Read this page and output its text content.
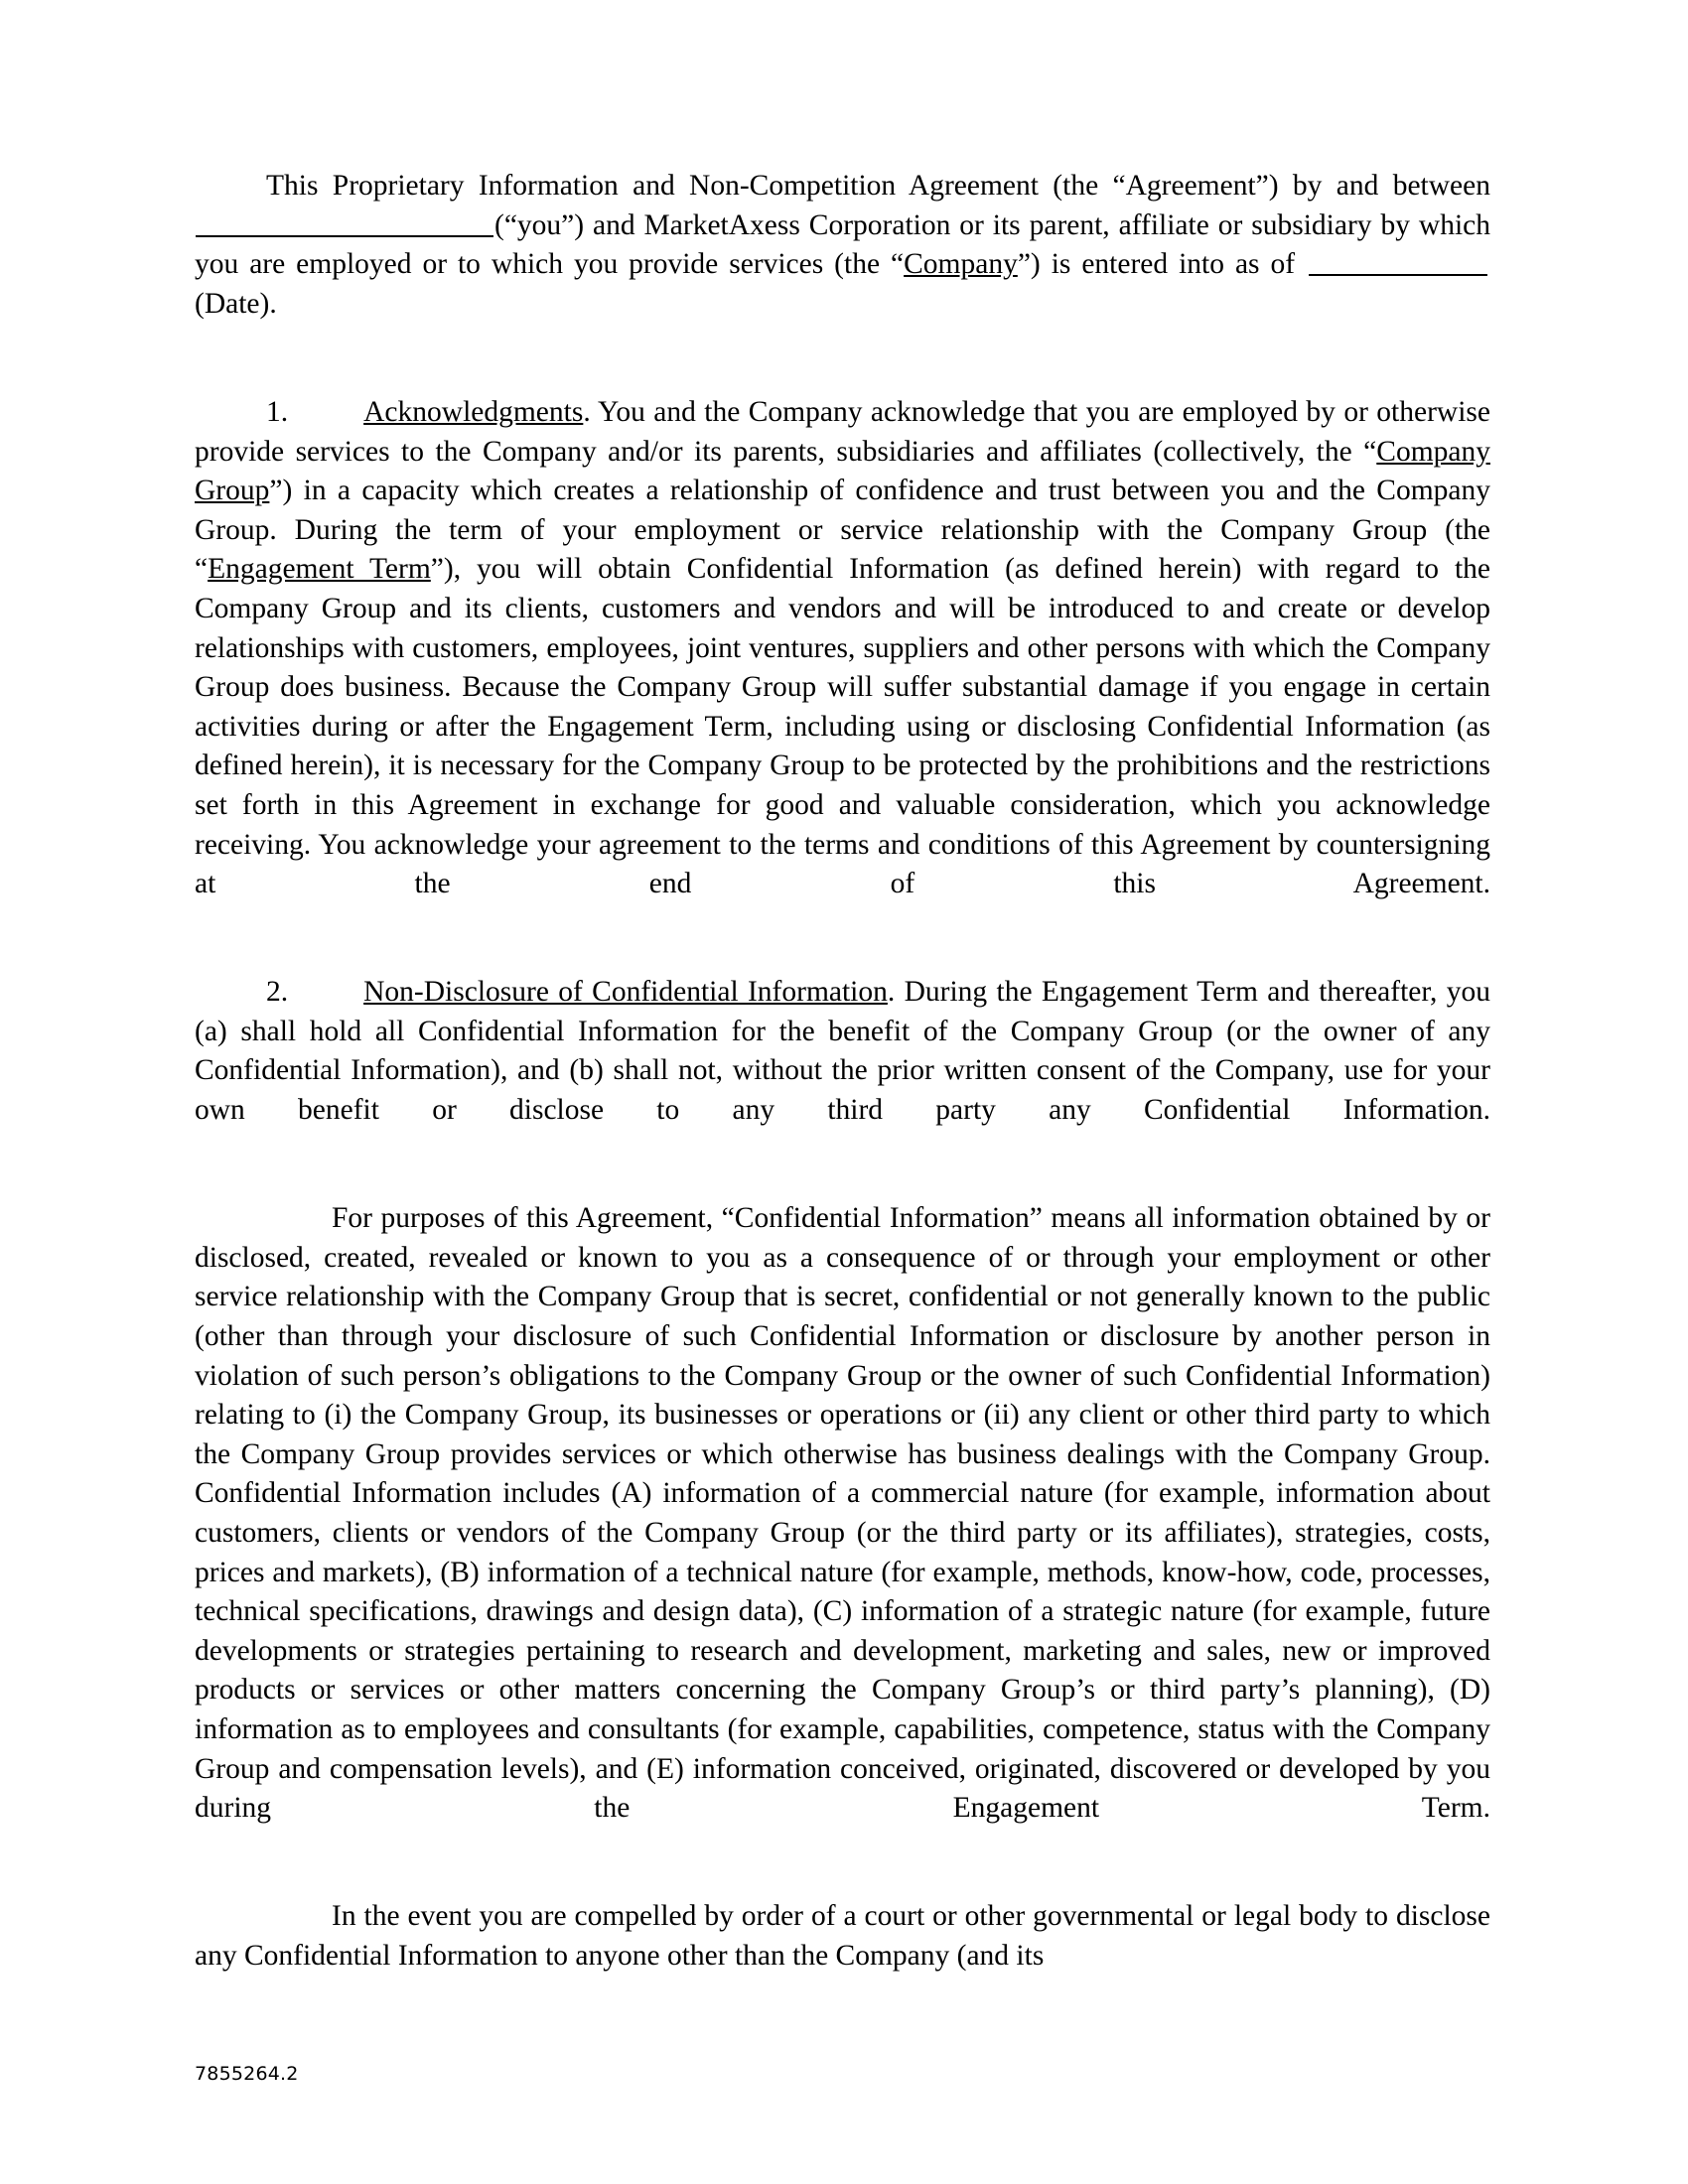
This Proprietary Information and Non-Competition Agreement (the “Agreement”) by and between (“you”) and MarketAxess Corporation or its parent, affiliate or subsidiary by which you are employed or to which you provide services (the “Company”) is entered into as of  (Date).

1.	Acknowledgments. You and the Company acknowledge that you are employed by or otherwise provide services to the Company and/or its parents, subsidiaries and affiliates (collectively, the “Company Group”) in a capacity which creates a relationship of confidence and trust between you and the Company Group. During the term of your employment or service relationship with the Company Group (the “Engagement Term”), you will obtain Confidential Information (as defined herein) with regard to the Company Group and its clients, customers and vendors and will be introduced to and create or develop relationships with customers, employees, joint ventures, suppliers and other persons with which the Company Group does business. Because the Company Group will suffer substantial damage if you engage in certain activities during or after the Engagement Term, including using or disclosing Confidential Information (as defined herein), it is necessary for the Company Group to be protected by the prohibitions and the restrictions set forth in this Agreement in exchange for good and valuable consideration, which you acknowledge receiving. You acknowledge your agreement to the terms and conditions of this Agreement by countersigning at the end of this Agreement.

2.	Non-Disclosure of Confidential Information. During the Engagement Term and thereafter, you (a) shall hold all Confidential Information for the benefit of the Company Group (or the owner of any Confidential Information), and (b) shall not, without the prior written consent of the Company, use for your own benefit or disclose to any third party any Confidential Information.

For purposes of this Agreement, “Confidential Information” means all information obtained by or disclosed, created, revealed or known to you as a consequence of or through your employment or other service relationship with the Company Group that is secret, confidential or not generally known to the public (other than through your disclosure of such Confidential Information or disclosure by another person in violation of such person’s obligations to the Company Group or the owner of such Confidential Information) relating to (i) the Company Group, its businesses or operations or (ii) any client or other third party to which the Company Group provides services or which otherwise has business dealings with the Company Group. Confidential Information includes (A) information of a commercial nature (for example, information about customers, clients or vendors of the Company Group (or the third party or its affiliates), strategies, costs, prices and markets), (B) information of a technical nature (for example, methods, know-how, code, processes, technical specifications, drawings and design data), (C) information of a strategic nature (for example, future developments or strategies pertaining to research and development, marketing and sales, new or improved products or services or other matters concerning the Company Group’s or third party’s planning), (D) information as to employees and consultants (for example, capabilities, competence, status with the Company Group and compensation levels), and (E) information conceived, originated, discovered or developed by you during the Engagement Term.

In the event you are compelled by order of a court or other governmental or legal body to disclose any Confidential Information to anyone other than the Company (and its

7855264.2
